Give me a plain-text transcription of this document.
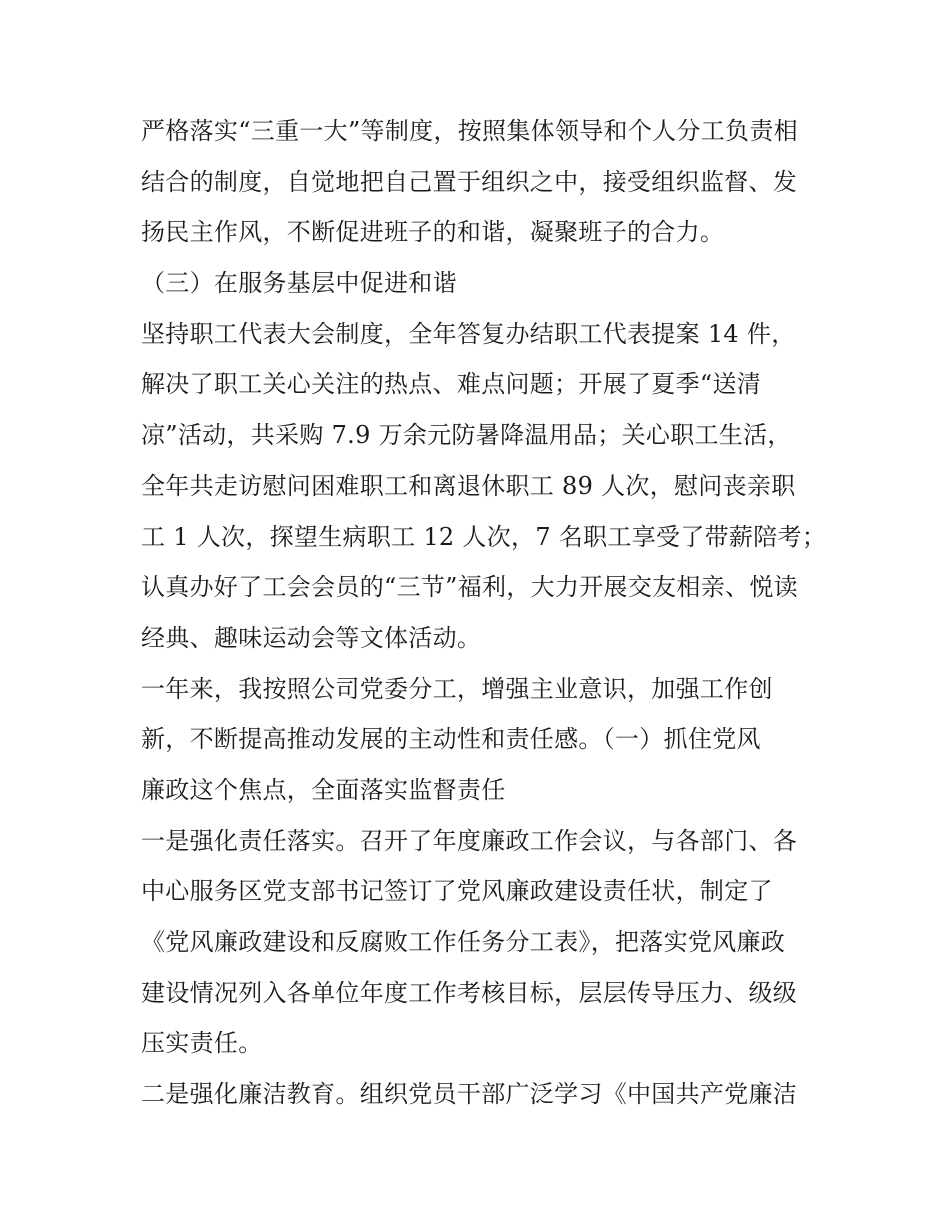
严格落实“三重一大”等制度，按照集体领导和个人分工负责相
结合的制度，自觉地把自己置于组织之中，接受组织监督、发
扬民主作风，不断促进班子的和谐，凝聚班子的合力。
（三）在服务基层中促进和谐
坚持职工代表大会制度，全年答复办结职工代表提案 14 件，
解决了职工关心关注的热点、难点问题；开展了夏季“送清
凉”活动，共采购 7.9 万余元防暑降温用品；关心职工生活，
全年共走访慰问困难职工和离退休职工 89 人次，慰问丧亲职
工 1 人次，探望生病职工 12 人次，7 名职工享受了带薪陪考；
认真办好了工会会员的“三节”福利，大力开展交友相亲、悦读
经典、趣味运动会等文体活动。
一年来，我按照公司党委分工，增强主业意识，加强工作创
新，不断提高推动发展的主动性和责任感。（一）抓住党风
廉政这个焦点，全面落实监督责任
一是强化责任落实。召开了年度廉政工作会议，与各部门、各
中心服务区党支部书记签订了党风廉政建设责任状，制定了
《党风廉政建设和反腐败工作任务分工表》，把落实党风廉政
建设情况列入各单位年度工作考核目标，层层传导压力、级级
压实责任。
二是强化廉洁教育。组织党员干部广泛学习《中国共产党廉洁
